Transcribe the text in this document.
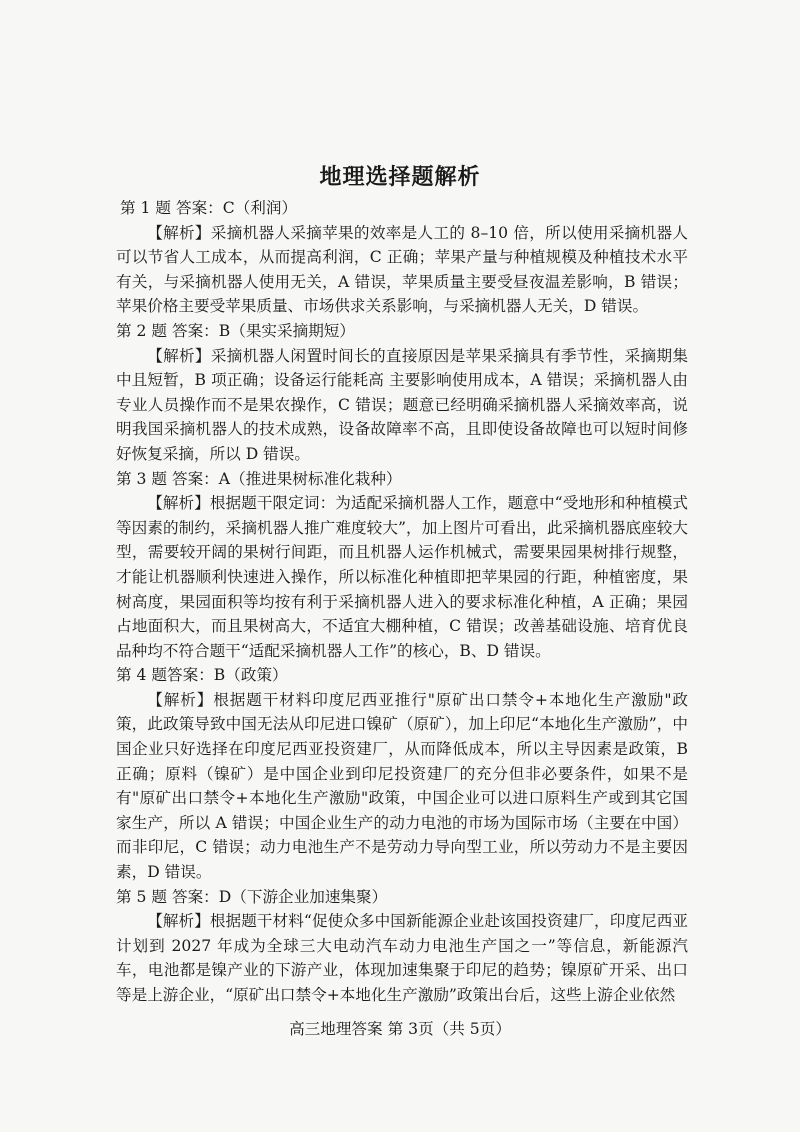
地理选择题解析

第 1 题 答案：C（利润）

【解析】采摘机器人采摘苹果的效率是人工的 8–10 倍，所以使用采摘机器人可以节省人工成本，从而提高利润，C 正确；苹果产量与种植规模及种植技术水平有关，与采摘机器人使用无关，A 错误，苹果质量主要受昼夜温差影响，B 错误；苹果价格主要受苹果质量、市场供求关系影响，与采摘机器人无关，D 错误。

第 2 题 答案：B（果实采摘期短）

【解析】采摘机器人闲置时间长的直接原因是苹果采摘具有季节性，采摘期集中且短暂，B 项正确；设备运行能耗高 主要影响使用成本，A 错误；采摘机器人由专业人员操作而不是果农操作，C 错误；题意已经明确采摘机器人采摘效率高，说明我国采摘机器人的技术成熟，设备故障率不高，且即使设备故障也可以短时间修好恢复采摘，所以 D 错误。

第 3 题 答案：A（推进果树标准化栽种）

【解析】根据题干限定词：为适配采摘机器人工作，题意中“受地形和种植模式等因素的制约，采摘机器人推广难度较大”，加上图片可看出，此采摘机器底座较大型，需要较开阔的果树行间距，而且机器人运作机械式，需要果园果树排行规整，才能让机器顺利快速进入操作，所以标准化种植即把苹果园的行距，种植密度，果树高度，果园面积等均按有利于采摘机器人进入的要求标准化种植，A 正确；果园占地面积大，而且果树高大，不适宜大棚种植，C 错误；改善基础设施、培育优良品种均不符合题干“适配采摘机器人工作”的核心，B、D 错误。

第 4 题答案：B（政策）

【解析】根据题干材料印度尼西亚推行"原矿出口禁令+本地化生产激励"政策，此政策导致中国无法从印尼进口镍矿（原矿），加上印尼“本地化生产激励”，中国企业只好选择在印度尼西亚投资建厂，从而降低成本，所以主导因素是政策，B 正确；原料（镍矿）是中国企业到印尼投资建厂的充分但非必要条件，如果不是有"原矿出口禁令+本地化生产激励"政策，中国企业可以进口原料生产或到其它国家生产，所以 A 错误；中国企业生产的动力电池的市场为国际市场（主要在中国）而非印尼，C 错误；动力电池生产不是劳动力导向型工业，所以劳动力不是主要因素，D 错误。

第 5 题 答案：D（下游企业加速集聚）

【解析】根据题干材料“促使众多中国新能源企业赴该国投资建厂，印度尼西亚计划到 2027 年成为全球三大电动汽车动力电池生产国之一”等信息，新能源汽车，电池都是镍产业的下游产业，体现加速集聚于印尼的趋势；镍原矿开采、出口等是上游企业，“原矿出口禁令+本地化生产激励”政策出台后，这些上游企业依然

高三地理答案 第 3页（共 5页）
